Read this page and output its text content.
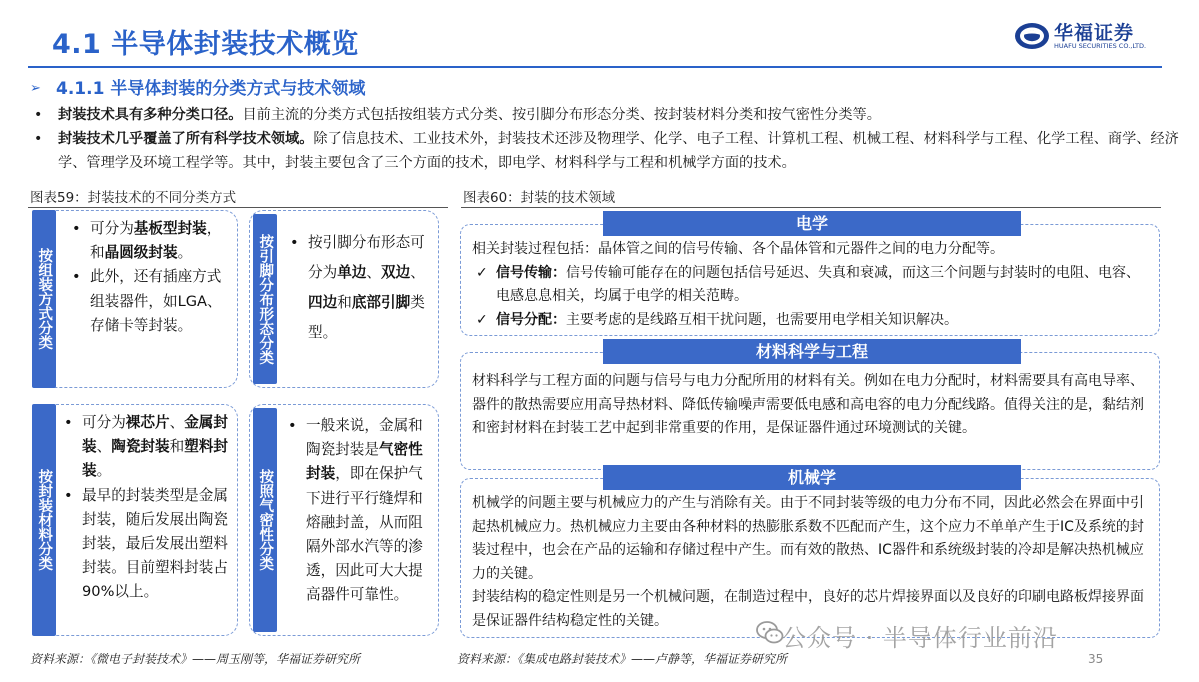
4.1 半导体封装技术概览	华福证券
HUAFU SECURITIES CO.,LTD.
➢ 4.1.1 半导体封装的分类方式与技术领域
• 封装技术具有多种分类口径。目前主流的分类方式包括按组装方式分类、按引脚分布形态分类、按封装材料分类和按气密性分类等。
• 封装技术几乎覆盖了所有科学技术领域。除了信息技术、工业技术外，封装技术还涉及物理学、化学、电子工程、计算机工程、机械工程、材料科学与工程、化学工程、商学、经济学、管理学及环境工程学等。其中，封装主要包含了三个方面的技术，即电学、材料科学与工程和机械学方面的技术。
图表59：封装技术的不同分类方式
按组装方式分类
• 可分为基板型封装，和晶圆级封装。
• 此外，还有插座方式组装器件，如LGA、存储卡等封装。	按引脚分布形态分类 • 按引脚分布形态可分为单边、双边、四边和底部引脚类型。
按封装材料分类
• 可分为裸芯片、金属封装、陶瓷封装和塑料封装。
• 最早的封装类型是金属封装，随后发展出陶瓷封装，最后发展出塑料封装。目前塑料封装占90%以上。
按照气密性分类
• 一般来说，金属和陶瓷封装是气密性封装，即在保护气下进行平行缝焊和熔融封盖，从而阻隔外部水汽等的渗透，因此可大大提高器件可靠性。
资料来源：《微电子封装技术》——周玉刚等，华福证券研究所
图表60：封装的技术领域
电学
相关封装过程包括：晶体管之间的信号传输、各个晶体管和元器件之间的电力分配等。
✓ 信号传输：信号传输可能存在的问题包括信号延迟、失真和衰减，而这三个问题与封装时的电阻、电容、电感息息相关，均属于电学的相关范畴。
✓ 信号分配：主要考虑的是线路互相干扰问题，也需要用电学相关知识解决。
材料科学与工程
材料科学与工程方面的问题与信号与电力分配所用的材料有关。例如在电力分配时，材料需要具有高电导率、器件的散热需要应用高导热材料、降低传输噪声需要低电感和高电容的电力分配线路。值得关注的是，黏结剂和密封材料在封装工艺中起到非常重要的作用，是保证器件通过环境测试的关键。
机械学
机械学的问题主要与机械应力的产生与消除有关。由于不同封装等级的电力分布不同，因此必然会在界面中引起热机械应力。热机械应力主要由各种材料的热膨胀系数不匹配而产生，这个应力不单单产生于IC及系统的封装过程中，也会在产品的运输和存储过程中产生。而有效的散热、IC器件和系统级封装的冷却是解决热机械应力的关键。
封装结构的稳定性则是另一个机械问题，在制造过程中，良好的芯片焊接界面以及良好的印刷电路板焊接界面是保证器件结构稳定性的关键。
资料来源：《集成电路封装技术》——卢静等，华福证券研究所	35
公众号 · 半导体行业前沿
